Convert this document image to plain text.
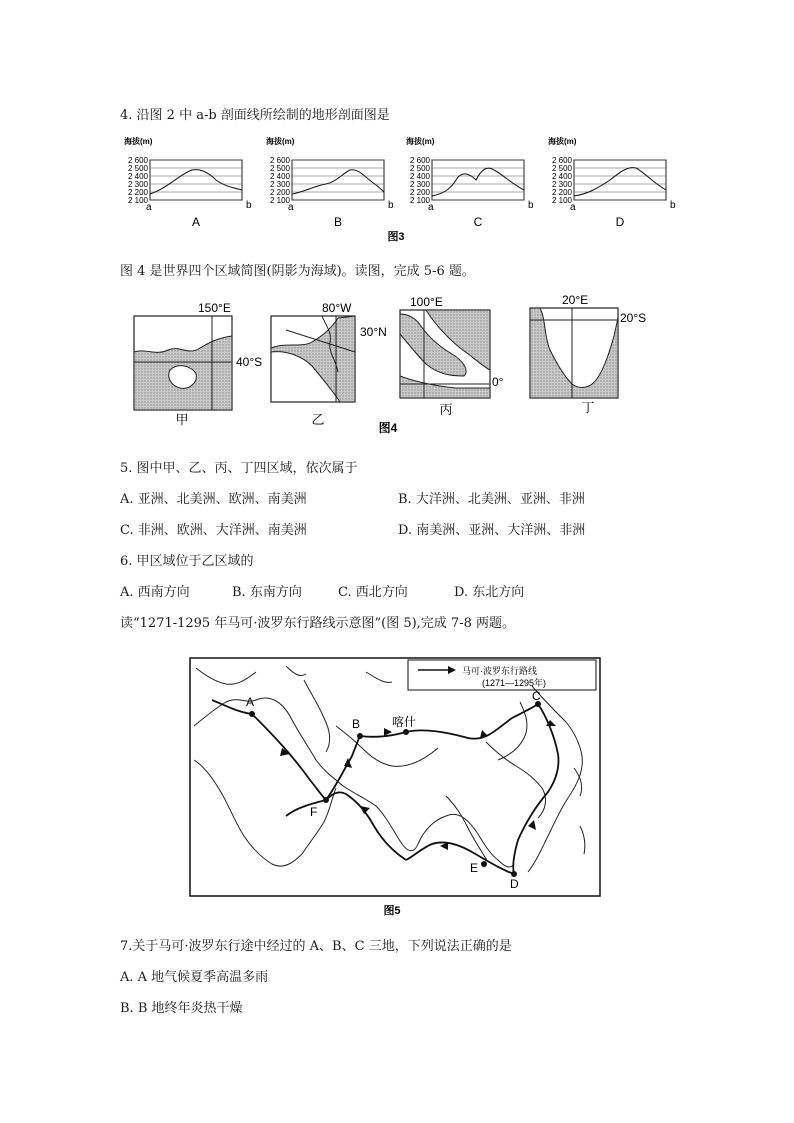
4. 沿图 2 中 a-b 剖面线所绘制的地形剖面图是
海拔(m)
2 600
2 500
2 400
2 300
2 200
2 100
a	b
A
海拔(m)
2 600
2 500
2 400
2 300
2 200
2 100
a	b
B
海拔(m)
2 600
2 500
2 400
2 300
2 200
2 100
a	b
C
海拔(m)
2 600
2 500
2 400
2 300
2 200
2 100
a	b
D
图3
图 4 是世界四个区域简图(阴影为海域)。读图，完成 5-6 题。
150°E
40°S
甲
80°W
30°N
乙
100°E
0°
丙
20°E
20°S
丁
图4
5. 图中甲、乙、丙、丁四区域，依次属于
A. 亚洲、北美洲、欧洲、南美洲	B. 大洋洲、北美洲、亚洲、非洲
C. 非洲、欧洲、大洋洲、南美洲	D. 南美洲、亚洲、大洋洲、非洲
6. 甲区域位于乙区域的
A. 西南方向	B. 东南方向	C. 西北方向	D. 东北方向
读“1271-1295 年马可·波罗东行路线示意图”(图 5),完成 7-8 两题。
马可·波罗东行路线
(1271—1295年)
A
B	喀什
C
D
E
F
图5
7.关于马可·波罗东行途中经过的 A、B、C 三地，下列说法正确的是
A. A 地气候夏季高温多雨
B. B 地终年炎热干燥
